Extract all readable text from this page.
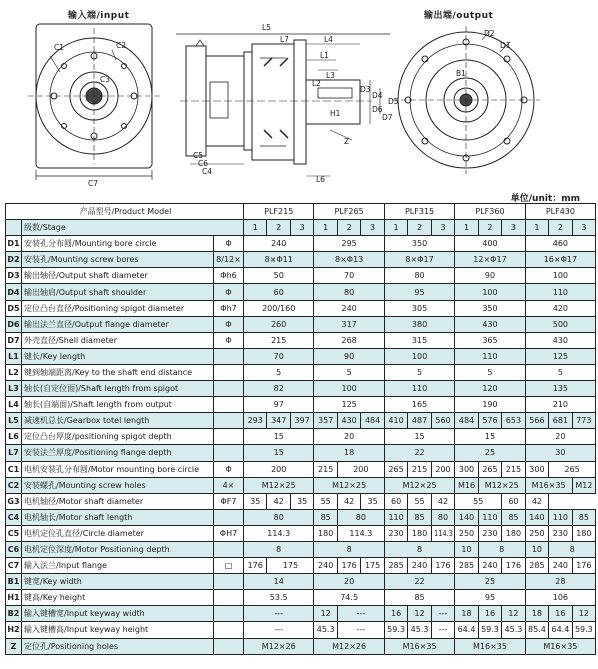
输入端/input	输出端/output
C1	C2
C3
C7
C5
C6
C4
L5
L7	L4
L1
L3
L2
L6
D3
D4
D5
D6
D7
H1
Z
D2
D1
B1
单位/unit：mm
产品型号/Product Model			PLF215			PLF265			PLF315			PLF360			PLF430		
	级数/Stage		1	2	3	1	2	3	1	2	3	1	2	3	1	2	3
D1	安装孔分布圆/Mounting bore circle	Φ	240			295			350			400			460		
D2	安装孔/Mounting screw bores	8/12×	8×Φ11			8×Φ13			8×Φ17			12×Φ17			16×Φ17		
D3	输出轴径/Output shaft diameter	Φh6	50			70			80			90			100		
D4	输出轴肩/Output shaft shoulder	Φ	60			80			95			100			110		
D5	定位凸台直径/Positioning spigot diameter	Φh7	200/160			240			305			350			420		
D6	输出法兰直径/Output flange diameter	Φ	260			317			380			430			500		
D7	外壳直径/Shell diameter	Φ	215			268			315			365			430		
L1	键长/Key length		70			90			100			110			125		
L2	键到轴端距离/Key to the shaft end distance		5			5			5			5			5		
L3	轴长(自定位面)/Shaft length from spigot		82			100			110			120			135		
L4	轴长(自端面)/Shaft length from output		97			125			165			190			210		
L5	减速机总长/Gearbox totel length		293	347	397	357	430	484	410	487	560	484	576	653	566	681	773
L6	定位凸台厚度/positioning spigot depth		15			20			15			15			20		
L7	安装法兰厚度/Positioning flange depth		15			18			22			25			30		
C1	电机安装孔分布圆/Motor mounting bore circle	Φ	200			215	200		265	215	200	300	265	215	300	265	
C2	安装螺孔/Mounting screw holes	4×	M12×25			M12×25			M12×25			M16	M12×25		M16×35		M12
G3	电机轴径/Motor shaft diameter	ΦF7	35	42	35	55	42	35	60	55	42	55		60	42		
C4	电机轴长/Motor shaft length		80			85	80		110	85	80	140	110	85	140	110	85
C5	电机定位孔直径/Circle diameter	ΦH7	114.3			180	114.3		230	180	114.3	250	230	180	250	230	180
C6	电机定位深度/Motor Positioning depth		8			8			8			10	8		10	8	
C7	输入法兰/Input flange	□	176	175		240	176	175	285	240	176	285	240	176	285	240	176
B1	键宽/Key width		14			20			22			25			28		
H1	键高/Key height		53.5			74.5			85			95			106		
B2	输入键槽宽/Input keyway width		---			12	---		16	12	---	18	16	12	18	16	12
H2	输入键槽高/Input keyway height		---			45.3	---		59.3	45.3	---	64.4	59.3	45.3	85.4	64.4	59.3
Z	定位孔/Positioning holes		M12×26			M12×26			M16×35			M16×35			M16×35		
